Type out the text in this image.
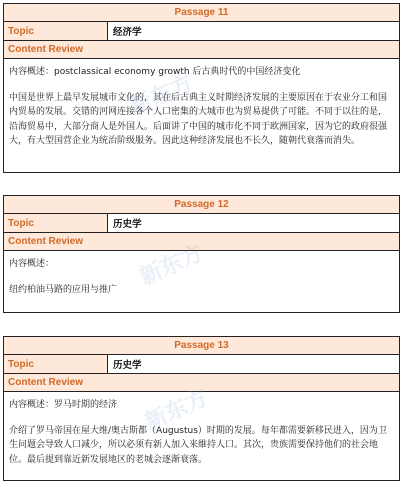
Passage 11
Topic	经济学
Content Review

内容概述：postclassical economy growth 后古典时代的中国经济变化

中国是世界上最早发展城市文化的，其在后古典主义时期经济发展的主要原因在于农业分工和国内贸易的发展。交错的河网连接各个人口密集的大城市也为贸易提供了可能。不同于以往的是，沿海贸易中，大部分商人是外国人。后面讲了中国的城市化不同于欧洲国家，因为它的政府很强大，有大型国营企业为统治阶级服务。因此这种经济发展也不长久，随朝代衰落而消失。

新东方
Passage 12
Topic	历史学
Content Review

内容概述：

纽约柏油马路的应用与推广 新东方
Passage 13
Topic	历史学
Content Review

内容概述：罗马时期的经济

介绍了罗马帝国在屋大维/奥古斯都（Augustus）时期的发展。每年都需要新移民进入，因为卫生问题会导致人口减少，所以必须有新人加入来維持人口。其次，贵族需要保持他们的社会地位。最后提到靠近新发展地区的老城会逐渐衰落。

新东方
